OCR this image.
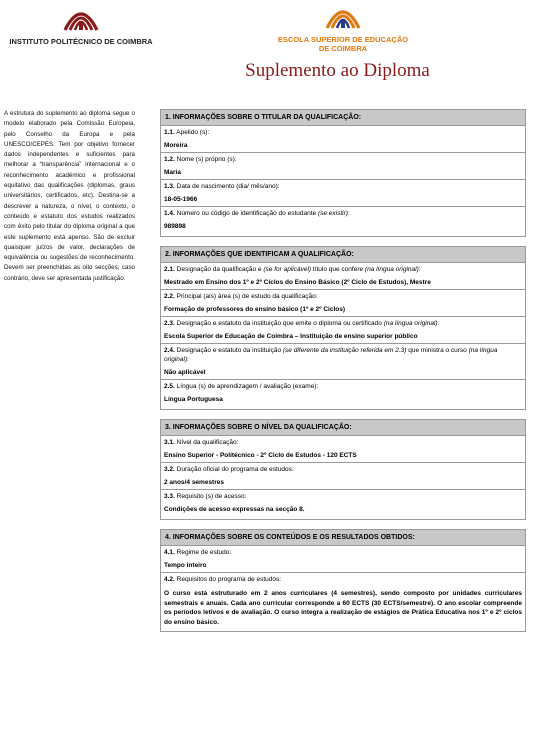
INSTITUTO POLITÉCNICO DE COIMBRA	ESCOLA SUPERIOR DE EDUCAÇÃO
DE COIMBRA
Suplemento ao Diploma
A estrutura do suplemento ao diploma segue o modelo elaborado pela Comissão Europeia, pelo Conselho da Europa e pela UNESCO/CEPES. Tem por objetivo fornecer dados independentes e suficientes para melhorar a “transparência” internacional e o reconhecimento académico e profissional equitativo das qualificações (diplomas, graus universitários, certificados, etc). Destina-se a descrever a natureza, o nível, o contexto, o conteúdo e estatuto dos estudos realizados com êxito pelo titular do diploma original a que este suplemento está apenso. São de excluir quaisquer juízos de valor, declarações de equivalência ou sugestões de reconhecimento. Devem ser preenchidas as oito secções; caso contrário, deve ser apresentada justificação.
1. INFORMAÇÕES SOBRE O TITULAR DA QUALIFICAÇÃO:
1.1. Apelido (s):
Moreira
1.2. Nome (s) próprio (s):
Maria
1.3. Data de nascimento (dia/ mês/ano):
18-05-1966
1.4. Número ou código de identificação do estudante (se existir):
989898
2. INFORMAÇÕES QUE IDENTIFICAM A QUALIFICAÇÃO:
2.1. Designação da qualificação e (se for aplicável) título que confere (na língua original):
Mestrado em Ensino dos 1º e 2º Ciclos do Ensino Básico (2º Ciclo de Estudos), Mestre
2.2. Principal (ais) área (s) de estudo da qualificação:
Formação de professores do ensino básico (1º e 2º Ciclos)
2.3. Designação e estatuto da instituição que emite o diploma ou certificado (na língua original):
Escola Superior de Educação de Coimbra – Instituição de ensino superior público
2.4. Designação e estatuto da instituição (se diferente da instituição referida em 2.3) que ministra o curso (na língua original):
Não aplicável
2.5. Língua (s) de aprendizagem / avaliação (exame):
Língua Portuguesa
3. INFORMAÇÕES SOBRE O NÍVEL DA QUALIFICAÇÃO:
3.1. Nível da qualificação:
Ensino Superior - Politécnico - 2º Ciclo de Estudos - 120 ECTS
3.2. Duração oficial do programa de estudos:
2 anos/4 semestres
3.3. Requisito (s) de acesso:
Condições de acesso expressas na secção 8.
4. INFORMAÇÕES SOBRE OS CONTEÚDOS E OS RESULTADOS OBTIDOS:
4.1. Regime de estudo:
Tempo inteiro
4.2. Requisitos do programa de estudos:
O curso está estruturado em 2 anos curriculares (4 semestres), sendo composto por unidades curriculares semestrais e anuais. Cada ano curricular corresponde a 60 ECTS (30 ECTS/semestre). O ano escolar compreende os períodos letivos e de avaliação. O curso integra a realização de estágios de Prática Educativa nos 1º e 2º ciclos do ensino básico.
